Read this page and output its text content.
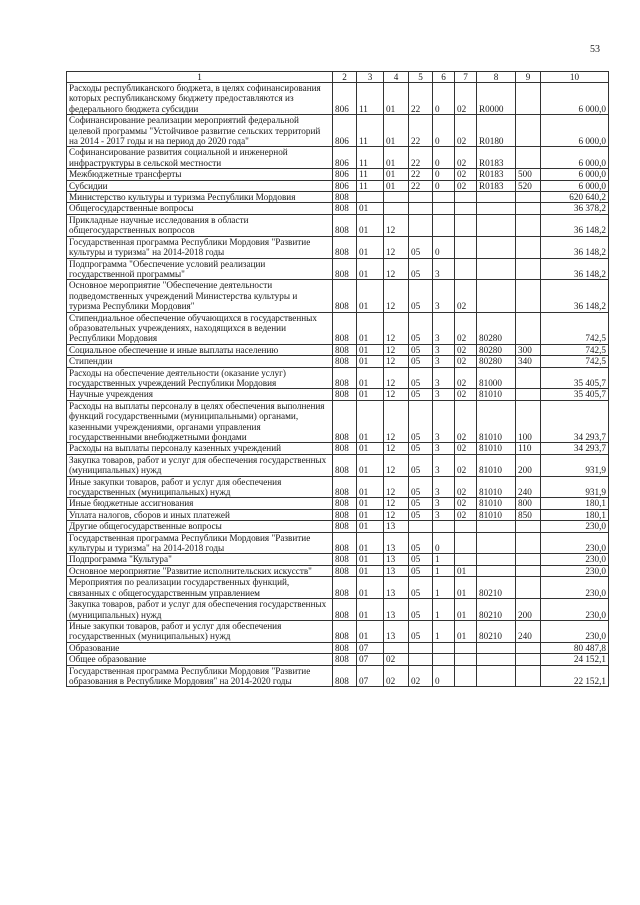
53
1	2	3	4	5	6	7	8	9	10
Расходы республиканского бюджета, в целях софинансирования которых республиканскому бюджету предоставляются из федерального бюджета субсидии	806	11	01	22	0	02	R0000		6 000,0
Софинансирование реализации мероприятий федеральной целевой программы "Устойчивое развитие сельских территорий на 2014 - 2017 годы и на период до 2020 года"	806	11	01	22	0	02	R0180		6 000,0
Софинансирование развития социальной и инженерной инфраструктуры в сельской местности	806	11	01	22	0	02	R0183		6 000,0
Межбюджетные трансферты	806	11	01	22	0	02	R0183	500	6 000,0
Субсидии	806	11	01	22	0	02	R0183	520	6 000,0
Министерство культуры и туризма Республики Мордовия	808								620 640,2
Общегосударственные вопросы	808	01							36 378,2
Прикладные научные исследования в области общегосударственных вопросов	808	01	12						36 148,2
Государственная программа Республики Мордовия "Развитие культуры и туризма" на 2014-2018 годы	808	01	12	05	0				36 148,2
Подпрограмма "Обеспечение условий реализации государственной программы"	808	01	12	05	3				36 148,2
Основное мероприятие "Обеспечение деятельности подведомственных учреждений Министерства культуры и туризма Республики Мордовия"	808	01	12	05	3	02			36 148,2
Стипендиальное обеспечение обучающихся в государственных образовательных учреждениях, находящихся в ведении Республики Мордовия	808	01	12	05	3	02	80280		742,5
Социальное обеспечение и иные выплаты населению	808	01	12	05	3	02	80280	300	742,5
Стипендии	808	01	12	05	3	02	80280	340	742,5
Расходы на обеспечение деятельности (оказание услуг) государственных учреждений Республики Мордовия	808	01	12	05	3	02	81000		35 405,7
Научные учреждения	808	01	12	05	3	02	81010		35 405,7
Расходы на выплаты персоналу в целях обеспечения выполнения функций государственными (муниципальными) органами, казенными учреждениями, органами управления государственными внебюджетными фондами	808	01	12	05	3	02	81010	100	34 293,7
Расходы на выплаты персоналу казенных учреждений	808	01	12	05	3	02	81010	110	34 293,7
Закупка товаров, работ и услуг для обеспечения государственных (муниципальных) нужд	808	01	12	05	3	02	81010	200	931,9
Иные закупки товаров, работ и услуг для обеспечения государственных (муниципальных) нужд	808	01	12	05	3	02	81010	240	931,9
Иные бюджетные ассигнования	808	01	12	05	3	02	81010	800	180,1
Уплата налогов, сборов и иных платежей	808	01	12	05	3	02	81010	850	180,1
Другие общегосударственные вопросы	808	01	13						230,0
Государственная программа Республики Мордовия "Развитие культуры и туризма" на 2014-2018 годы	808	01	13	05	0				230,0
Подпрограмма "Культура"	808	01	13	05	1				230,0
Основное мероприятие "Развитие исполнительских искусств"	808	01	13	05	1	01			230,0
Мероприятия по реализации государственных функций, связанных с общегосударственным управлением	808	01	13	05	1	01	80210		230,0
Закупка товаров, работ и услуг для обеспечения государственных (муниципальных) нужд	808	01	13	05	1	01	80210	200	230,0
Иные закупки товаров, работ и услуг для обеспечения государственных (муниципальных) нужд	808	01	13	05	1	01	80210	240	230,0
Образование	808	07							80 487,8
Общее образование	808	07	02						24 152,1
Государственная программа Республики Мордовия "Развитие образования в Республике Мордовия" на 2014-2020 годы	808	07	02	02	0				22 152,1
